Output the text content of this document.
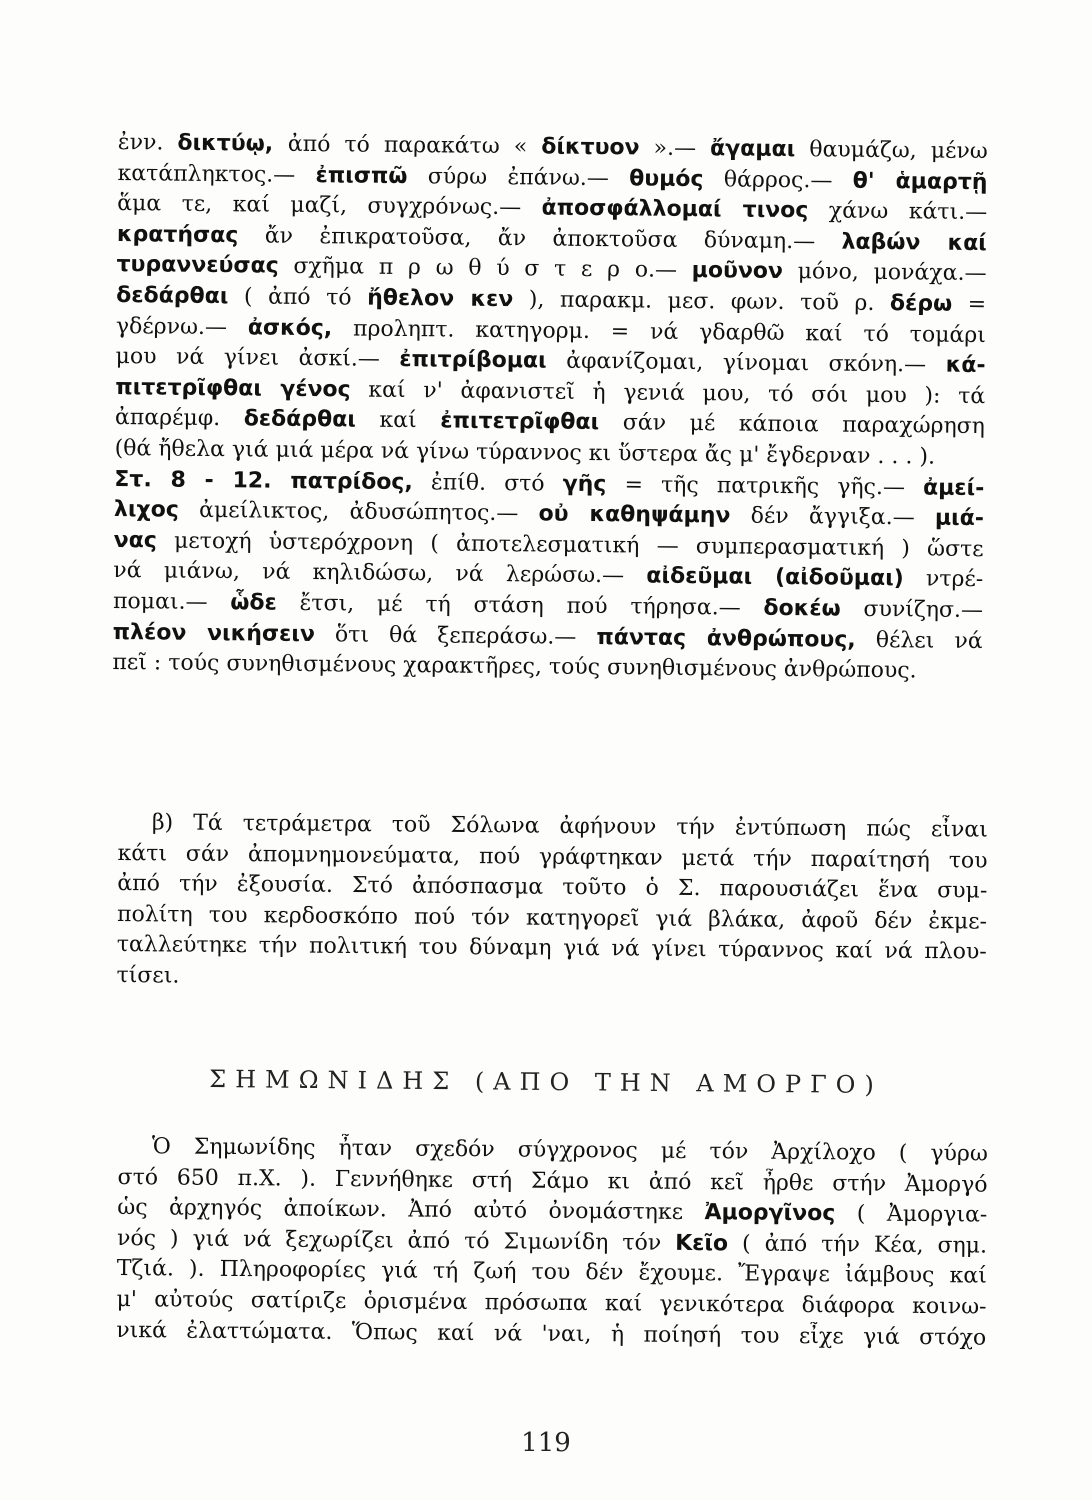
ἐνν. δικτύῳ, ἀπό τό παρακάτω « δίκτυον ».— ἄγαμαι θαυμάζω, μένω
κατάπληκτος.— ἐπισπῶ σύρω ἐπάνω.— θυμός θάρρος.— θ' ἁμαρτῇ
ἅμα τε, καί μαζί, συγχρόνως.— ἀποσφάλλομαί τινος χάνω κάτι.—
κρατήσας ἄν ἐπικρατοῦσα, ἄν ἀποκτοῦσα δύναμη.— λαβών καί
τυραννεύσας σχῆμα π ρ ω θ ύ σ τ ε ρ ο.— μοῦνον μόνο, μονάχα.—
δεδάρθαι ( ἀπό τό ἤθελον κεν ), παρακμ. μεσ. φων. τοῦ ρ. δέρω =
γδέρνω.— ἀσκός, προληπτ. κατηγορμ. = νά γδαρθῶ καί τό τομάρι
μου νά γίνει ἀσκί.— ἐπιτρίβομαι ἀφανίζομαι, γίνομαι σκόνη.— κά-
πιτετρῖφθαι γένος καί ν' ἀφανιστεῖ ἡ γενιά μου, τό σόι μου ): τά
ἀπαρέμφ. δεδάρθαι καί ἐπιτετρῖφθαι σάν μέ κάποια παραχώρηση
(θά ἤθελα γιά μιά μέρα νά γίνω τύραννος κι ὕστερα ἄς μ' ἔγδερναν . . . ).
Στ. 8 - 12. πατρίδος, ἐπίθ. στό γῆς = τῆς πατρικῆς γῆς.— ἀμεί-
λιχος ἀμείλικτος, ἀδυσώπητος.— οὐ καθηψάμην δέν ἄγγιξα.— μιά-
νας μετοχή ὑστερόχρονη ( ἀποτελεσματική — συμπερασματική ) ὥστε
νά μιάνω, νά κηλιδώσω, νά λερώσω.— αἰδεῦμαι (αἰδοῦμαι) ντρέ-
πομαι.— ὧδε ἔτσι, μέ τή στάση πού τήρησα.— δοκέω συνίζησ.—
πλέον νικήσειν ὅτι θά ξεπεράσω.— πάντας ἀνθρώπους, θέλει νά
πεῖ : τούς συνηθισμένους χαρακτῆρες, τούς συνηθισμένους ἀνθρώπους.
β) Τά τετράμετρα τοῦ Σόλωνα ἀφήνουν τήν ἐντύπωση πώς εἶναι
κάτι σάν ἀπομνημονεύματα, πού γράφτηκαν μετά τήν παραίτησή του
ἀπό τήν ἐξουσία. Στό ἀπόσπασμα τοῦτο ὁ Σ. παρουσιάζει ἕνα συμ-
πολίτη του κερδοσκόπο πού τόν κατηγορεῖ γιά βλάκα, ἀφοῦ δέν ἐκμε-
ταλλεύτηκε τήν πολιτική του δύναμη γιά νά γίνει τύραννος καί νά πλου-
τίσει.
ΣΗΜΩΝΙΔΗΣ (ΑΠΟ ΤΗΝ ΑΜΟΡΓΟ)
Ὁ Σημωνίδης ἦταν σχεδόν σύγχρονος μέ τόν Ἀρχίλοχο ( γύρω
στό 650 π.Χ. ). Γεννήθηκε στή Σάμο κι ἀπό κεῖ ἦρθε στήν Ἀμοργό
ὡς ἀρχηγός ἀποίκων. Ἀπό αὐτό ὀνομάστηκε Ἀμοργῖνος ( Ἀμοργια-
νός ) γιά νά ξεχωρίζει ἀπό τό Σιμωνίδη τόν Κεῖο ( ἀπό τήν Κέα, σημ.
Τζιά. ). Πληροφορίες γιά τή ζωή του δέν ἔχουμε. Ἔγραψε ἰάμβους καί
μ' αὐτούς σατίριζε ὁρισμένα πρόσωπα καί γενικότερα διάφορα κοινω-
νικά ἐλαττώματα. Ὅπως καί νά 'ναι, ἡ ποίησή του εἶχε γιά στόχο
119
